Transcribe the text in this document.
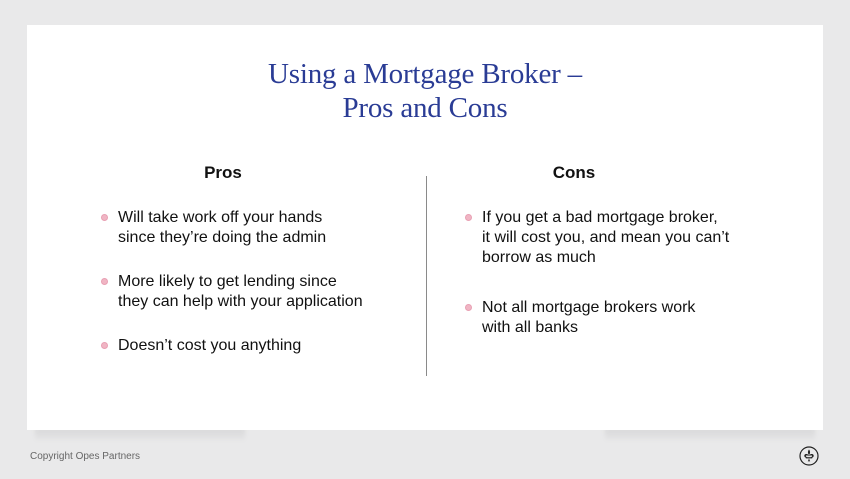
Using a Mortgage Broker –
Pros and Cons
Pros	Cons
Will take work off your hands
since they’re doing the admin
More likely to get lending since
they can help with your application
Doesn’t cost you anything
If you get a bad mortgage broker,
it will cost you, and mean you can’t
borrow as much
Not all mortgage brokers work
with all banks
Copyright Opes Partners
